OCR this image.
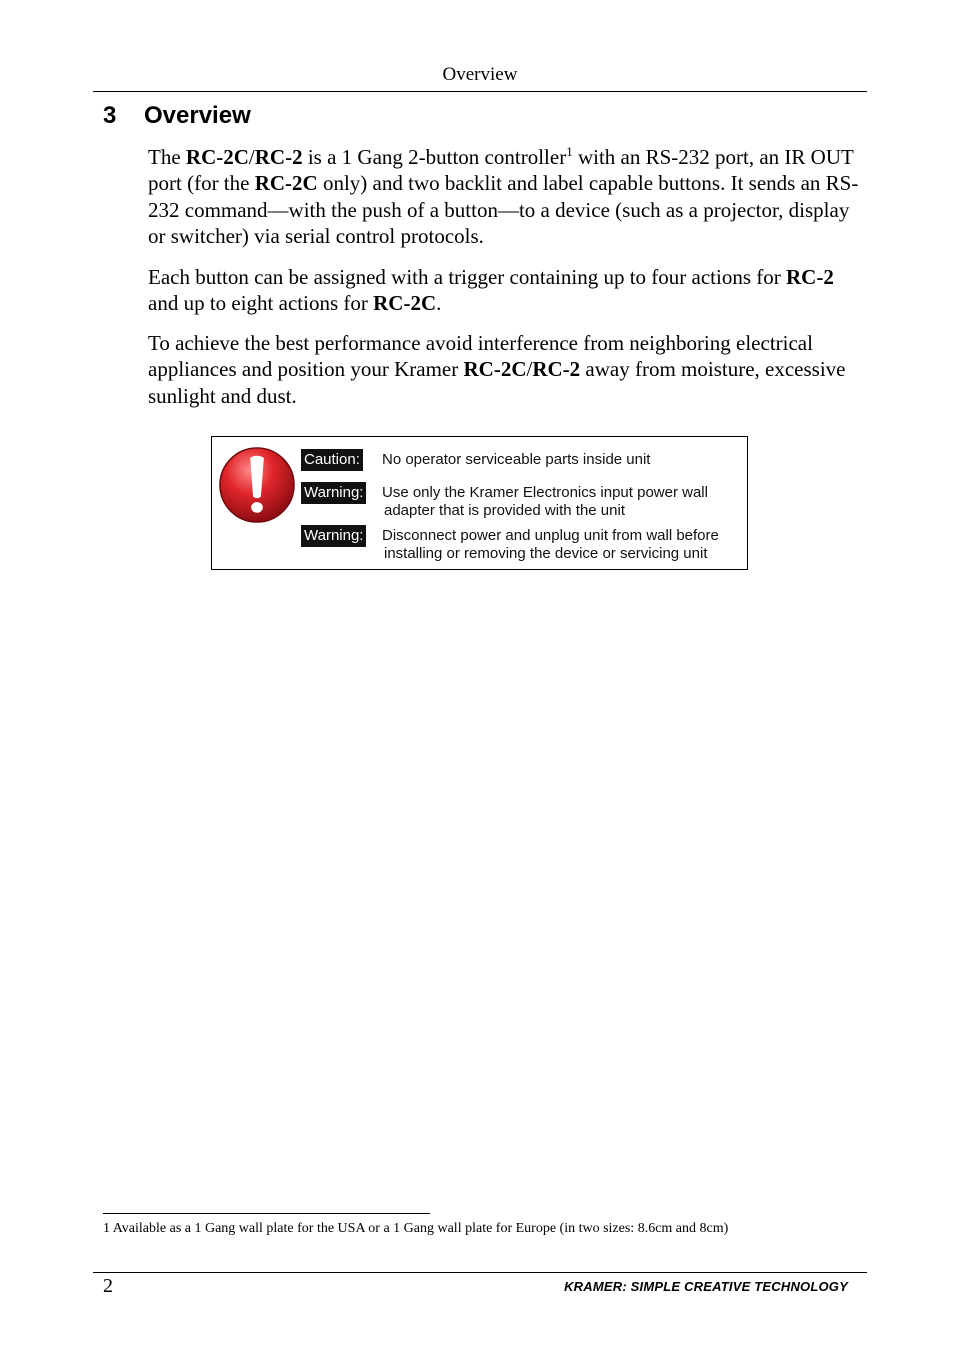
Overview
3 Overview

The RC-2C/RC-2 is a 1 Gang 2-button controller$^1$ with an RS-232 port, an IR OUT port (for the RC-2C only) and two backlit and label capable buttons. It sends an RS-232 command—with the push of a button—to a device (such as a projector, display or switcher) via serial control protocols.

Each button can be assigned with a trigger containing up to four actions for RC-2 and up to eight actions for RC-2C.

To achieve the best performance avoid interference from neighboring electrical appliances and position your Kramer RC-2C/RC-2 away from moisture, excessive sunlight and dust.

Caution: No operator serviceable parts inside unit
Warning: Use only the Kramer Electronics input power wall
adapter that is provided with the unit
Warning: Disconnect power and unplug unit from wall before
installing or removing the device or servicing unit
1 Available as a 1 Gang wall plate for the USA or a 1 Gang wall plate for Europe (in two sizes: 8.6cm and 8cm)
2	KRAMER: SIMPLE CREATIVE TECHNOLOGY
